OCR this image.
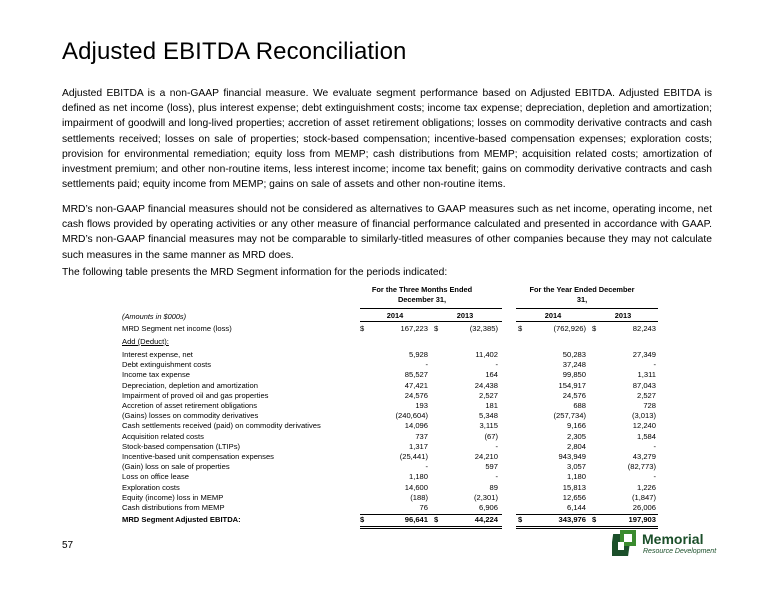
Adjusted EBITDA Reconciliation

Adjusted EBITDA is a non-GAAP financial measure. We evaluate segment performance based on Adjusted EBITDA. Adjusted EBITDA is defined as net income (loss), plus interest expense; debt extinguishment costs; income tax expense; depreciation, depletion and amortization; impairment of goodwill and long-lived properties; accretion of asset retirement obligations; losses on commodity derivative contracts and cash settlements received; losses on sale of properties; stock-based compensation; incentive-based compensation expenses; exploration costs; provision for environmental remediation; equity loss from MEMP; cash distributions from MEMP; acquisition related costs; amortization of investment premium; and other non-routine items, less interest income; income tax benefit; gains on commodity derivative contracts and cash settlements paid; equity income from MEMP; gains on sale of assets and other non-routine items.

MRD’s non-GAAP financial measures should not be considered as alternatives to GAAP measures such as net income, operating income, net cash flows provided by operating activities or any other measure of financial performance calculated and presented in accordance with GAAP. MRD’s non-GAAP financial measures may not be comparable to similarly-titled measures of other companies because they may not calculate such measures in the same manner as MRD does.

The following table presents the MRD Segment information for the periods indicated:

For the Three Months Ended December 31,
For the Year Ended December 31,
(Amounts in $000s)	2014	2013	2014	2013
MRD Segment net income (loss)	$	167,223 $	(32,385)	$	(762,926) $	82,243
Add (Deduct):
Interest expense, net	5,928	11,402	50,283	27,349
Debt extinguishment costs	-	-	37,248	-
Income tax expense	85,527	164	99,850	1,311
Depreciation, depletion and amortization	47,421	24,438	154,917	87,043
Impairment of proved oil and gas properties	24,576	2,527	24,576	2,527
Accretion of asset retirement obligations	193	181	688	728
(Gains) losses on commodity derivatives	(240,604)	5,348	(257,734)	(3,013)
Cash settlements received (paid) on commodity derivatives	14,096	3,115	9,166	12,240
Acquisition related costs	737	(67)	2,305	1,584
Stock-based compensation (LTIPs)	1,317	-	2,804	-
Incentive-based unit compensation expenses	(25,441)	24,210	943,949	43,279
(Gain) loss on sale of properties	-	597	3,057	(82,773)
Loss on office lease	1,180	-	1,180	-
Exploration costs	14,600	89	15,813	1,226
Equity (income) loss in MEMP	(188)	(2,301)	12,656	(1,847)
Cash distributions from MEMP	76	6,906	6,144	26,006
MRD Segment Adjusted EBITDA:	$	96,641 $	44,224	$	343,976 $	197,903
57	Memorial
Resource Development
